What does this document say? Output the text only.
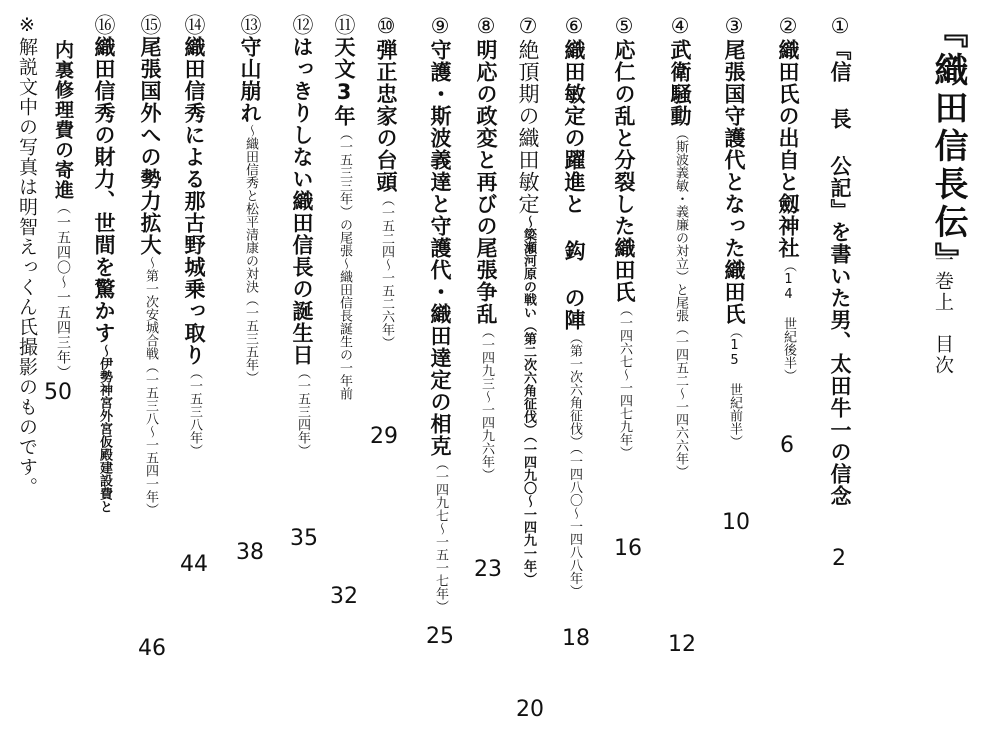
『織田信長伝』
一巻上　目次
①『信 長 公記』を書いた男、太田牛一の信念
2
②織田氏の出自と劔神社（14 世紀後半）
6
③尾張国守護代となった織田氏（15 世紀前半）
10
④武衛騒動（斯波義敏・義廉の対立）と尾張（一四五二～一四六六年）
12
⑤応仁の乱と分裂した織田氏（一四六七～一四七九年）
16
⑥織田敏定の躍進と 鈎 の陣（第一次六角征伐）（一四八〇～一四八八年）
18
⑦絶頂期の織田敏定～簗瀬河原の戦い（第二次六角征伐）（一四九〇～一四九一年）
20
⑧明応の政変と再びの尾張争乱（一四九三～一四九六年）
23
⑨守護・斯波義達と守護代・織田達定の相克（一四九七～一五一七年）
25
⑩弾正忠家の台頭（一五二四～一五二六年）
29
⑪天文3年（一五三三年）の尾張～織田信長誕生の一年前
32
⑫はっきりしない織田信長の誕生日（一五三四年）
35
⑬守山崩れ～織田信秀と松平清康の対決（一五三五年）
38
⑭織田信秀による那古野城乗っ取り（一五三八年）
44
⑮尾張国外への勢力拡大～第一次安城合戦（一五三八～一五四一年）
46
⑯織田信秀の財力、世間を驚かす～伊勢神宮外宮仮殿建設費と
内裏修理費の寄進（一五四〇～一五四三年）
50
※解説文中の写真は明智えっくん氏撮影のものです。
